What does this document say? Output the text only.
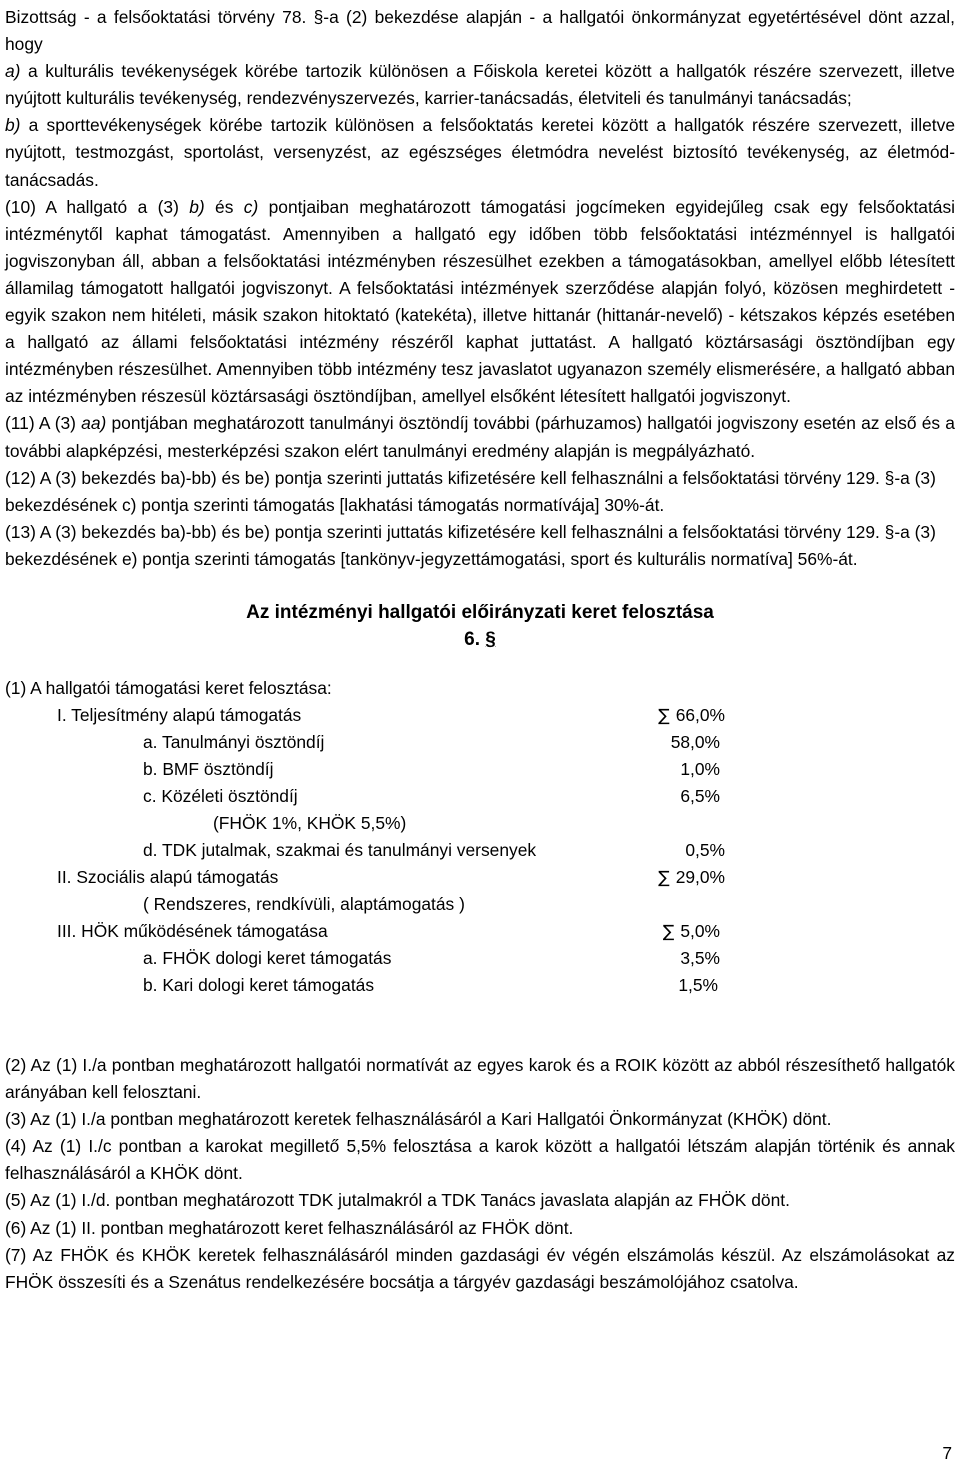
Bizottság - a felsőoktatási törvény 78. §-a (2) bekezdése alapján - a hallgatói önkormányzat egyetértésével dönt azzal, hogy

a) a kulturális tevékenységek körébe tartozik különösen a Főiskola keretei között a hallgatók részére szervezett, illetve nyújtott kulturális tevékenység, rendezvényszervezés, karrier-tanácsadás, életviteli és tanulmányi tanácsadás;

b) a sporttevékenységek körébe tartozik különösen a felsőoktatás keretei között a hallgatók részére szervezett, illetve nyújtott, testmozgást, sportolást, versenyzést, az egészséges életmódra nevelést biztosító tevékenység, az életmód-tanácsadás.

(10) A hallgató a (3) b) és c) pontjaiban meghatározott támogatási jogcímeken egyidejűleg csak egy felsőoktatási intézménytől kaphat támogatást. Amennyiben a hallgató egy időben több felsőoktatási intézménnyel is hallgatói jogviszonyban áll, abban a felsőoktatási intézményben részesülhet ezekben a támogatásokban, amellyel előbb létesített államilag támogatott hallgatói jogviszonyt. A felsőoktatási intézmények szerződése alapján folyó, közösen meghirdetett - egyik szakon nem hitéleti, másik szakon hitoktató (katekéta), illetve hittanár (hittanár-nevelő) - kétszakos képzés esetében a hallgató az állami felsőoktatási intézmény részéről kaphat juttatást. A hallgató köztársasági ösztöndíjban egy intézményben részesülhet. Amennyiben több intézmény tesz javaslatot ugyanazon személy elismerésére, a hallgató abban az intézményben részesül köztársasági ösztöndíjban, amellyel elsőként létesített hallgatói jogviszonyt.

(11) A (3) aa) pontjában meghatározott tanulmányi ösztöndíj további (párhuzamos) hallgatói jogviszony esetén az első és a további alapképzési, mesterképzési szakon elért tanulmányi eredmény alapján is megpályázható.

(12) A (3) bekezdés ba)-bb) és be) pontja szerinti juttatás kifizetésére kell felhasználni a felsőoktatási törvény 129. §-a (3) bekezdésének c) pontja szerinti támogatás [lakhatási támogatás normatívája] 30%-át.

(13) A (3) bekezdés ba)-bb) és be) pontja szerinti juttatás kifizetésére kell felhasználni a felsőoktatási törvény 129. §-a (3) bekezdésének e) pontja szerinti támogatás [tankönyv-jegyzettámogatási, sport és kulturális normatíva] 56%-át.

Az intézményi hallgatói előirányzati keret felosztása

6. §

(1) A hallgatói támogatási keret felosztása:
I. Teljesítmény alapú támogatás	∑ 66,0%
a. Tanulmányi ösztöndíj	58,0%
b. BMF ösztöndíj	1,0%
c. Közéleti ösztöndíj	6,5%
(FHÖK 1%, KHÖK 5,5%)
d. TDK jutalmak, szakmai és tanulmányi versenyek	0,5%
II. Szociális alapú támogatás	∑ 29,0%
( Rendszeres, rendkívüli, alaptámogatás )
III. HÖK működésének támogatása	∑ 5,0%
a. FHÖK dologi keret támogatás	3,5%
b. Kari dologi keret támogatás	1,5%

(2) Az (1) I./a pontban meghatározott hallgatói normatívát az egyes karok és a ROIK között az abból részesíthető hallgatók arányában kell felosztani.

(3) Az (1) I./a pontban meghatározott keretek felhasználásáról a Kari Hallgatói Önkormányzat (KHÖK) dönt.

(4) Az (1) I./c pontban a karokat megillető 5,5% felosztása a karok között a hallgatói létszám alapján történik és annak felhasználásáról a KHÖK dönt.

(5) Az (1) I./d. pontban meghatározott TDK jutalmakról a TDK Tanács javaslata alapján az FHÖK dönt.

(6) Az (1) II. pontban meghatározott keret felhasználásáról az FHÖK dönt.

(7) Az FHÖK és KHÖK keretek felhasználásáról minden gazdasági év végén elszámolás készül. Az elszámolásokat az FHÖK összesíti és a Szenátus rendelkezésére bocsátja a tárgyév gazdasági beszámolójához csatolva.

7
